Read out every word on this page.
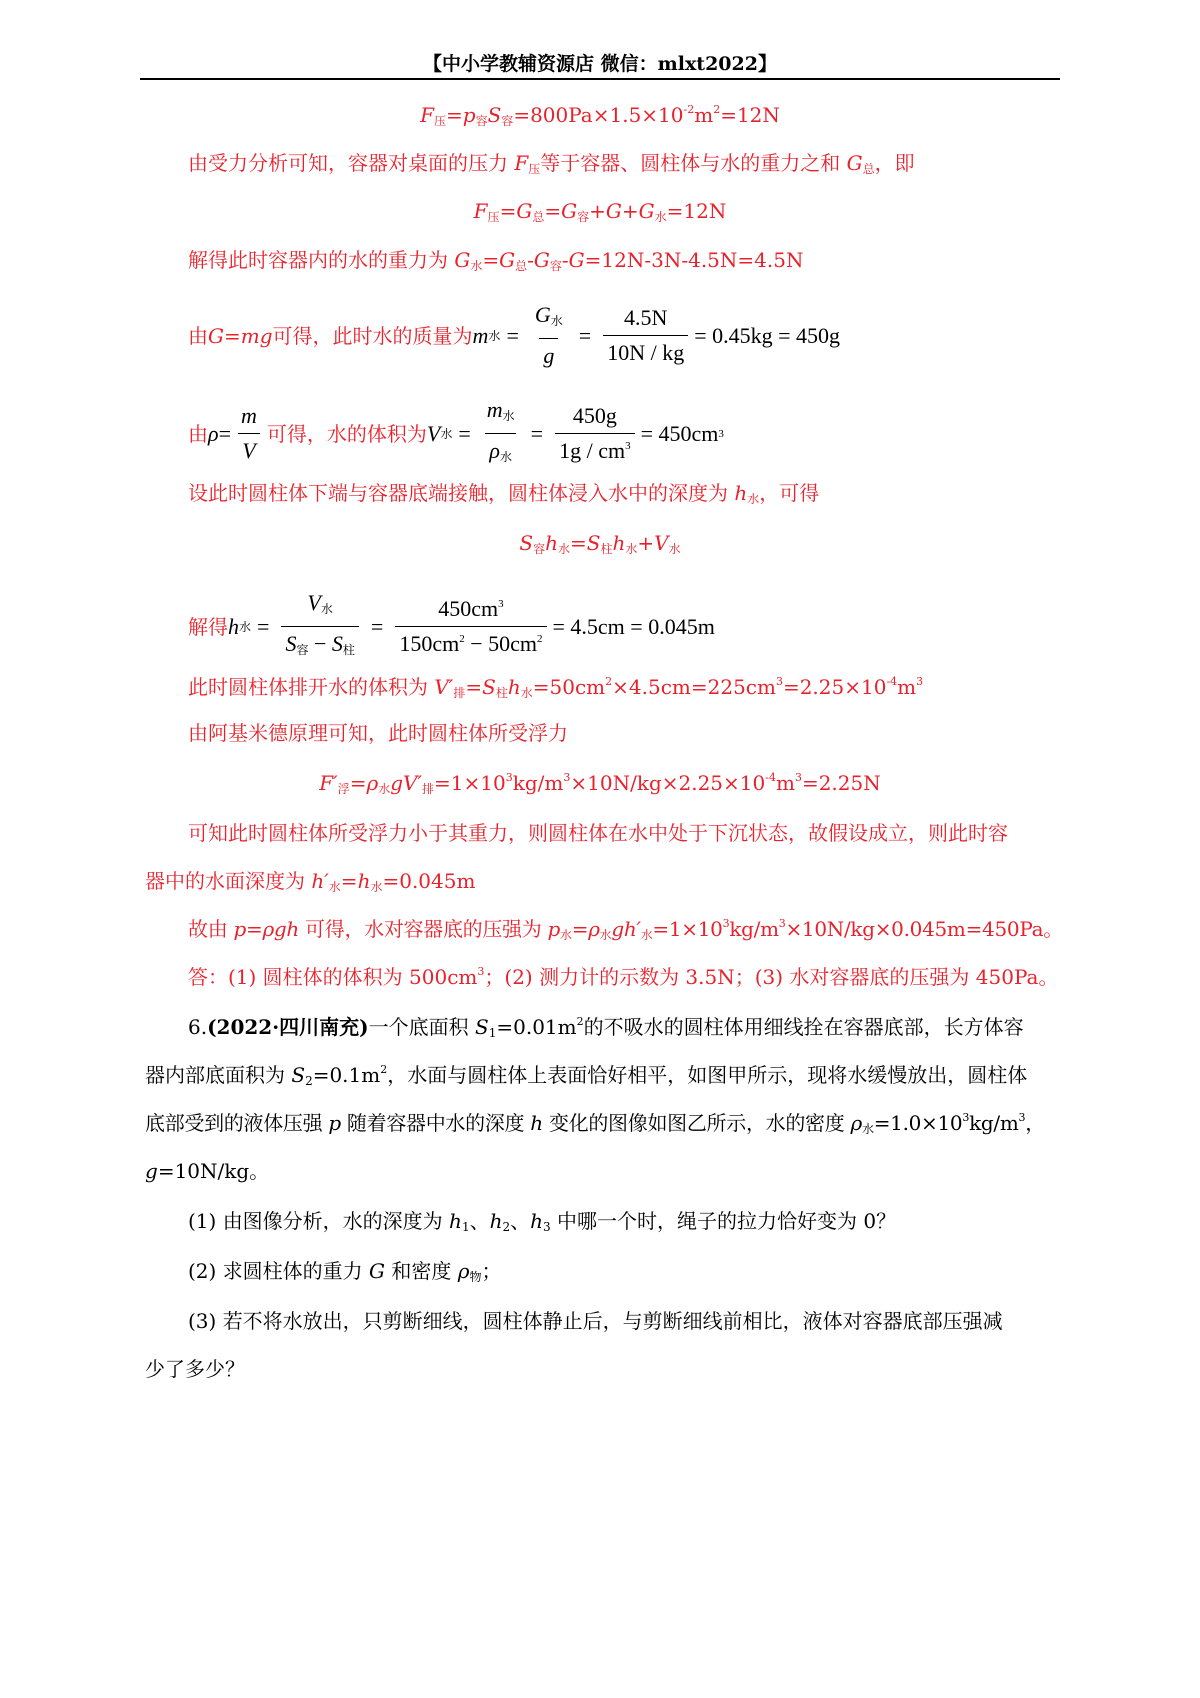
【中小学教辅资源店 微信：mlxt2022】
$F_压=p_容S_容=800Pa\times 1.5\times 10^{-2}m^2=12N$
由受力分析可知，容器对桌面的压力 $F_压$等于容器、圆柱体与水的重力之和 $G_总$，即
$F_压=G_总=G_容+G+G_水=12N$
解得此时容器内的水的重力为 $G_水=G_总-G_容-G=12N-3N-4.5N=4.5N$
由 G = mg 可得，此时水的质量为 m 水 = $\frac{G_水}{g} = \frac{4.5N}{10N / kg} = 0.45kg = 450g$
由 $\rho = \frac{m}{V}$ 可得，水的体积为 V 水 = $\frac{m_水}{\rho_水} = \frac{450g}{1g / cm^3} = 450cm$ 3
设此时圆柱体下端与容器底端接触，圆柱体浸入水中的深度为 $h_水$，可得
$S_容h_水=S_柱h_水+V_水$
解得 h 水 = $\frac{V_水}{S_容 - S_柱} = \frac{450cm^3}{150cm^2 - 50cm^2} = 4.5cm = 0.045m$
此时圆柱体排开水的体积为 $V'_排=S_柱h_水=50cm^2\times 4.5cm=225cm^3=2.25\times 10^{-4}m^3$
由阿基米德原理可知，此时圆柱体所受浮力
$F'_浮=\rho_水gV'_排=1\times 10^3kg/m^3\times 10N/kg\times 2.25\times 10^{-4}m^3=2.25N$
可知此时圆柱体所受浮力小于其重力，则圆柱体在水中处于下沉状态，故假设成立，则此时容
器中的水面深度为 $h'_水=h_水=0.045m$
故由 p=ρgh 可得，水对容器底的压强为 $p_水=\rho_水gh'_水=1\times 10^3kg/m^3\times 10N/kg\times 0.045m=450Pa$。
答：(1) 圆柱体的体积为 $500cm^3$；(2) 测力计的示数为 3.5N；(3) 水对容器底的压强为 450Pa。
6.(2022·四川南充)一个底面积 $S_1=0.01m^2$的不吸水的圆柱体用细线拴在容器底部，长方体容
器内部底面积为 $S_2=0.1m^2$，水面与圆柱体上表面恰好相平，如图甲所示，现将水缓慢放出，圆柱体
底部受到的液体压强 p 随着容器中水的深度 h 变化的图像如图乙所示，水的密度 $\rho_水=1.0\times 10^3kg/m^3$，
g=10N/kg。
(1) 由图像分析，水的深度为 $h_1$、$h_2$、$h_3$ 中哪一个时，绳子的拉力恰好变为 0？
(2) 求圆柱体的重力 G 和密度 $\rho_物$；
(3) 若不将水放出，只剪断细线，圆柱体静止后，与剪断细线前相比，液体对容器底部压强减
少了多少？
